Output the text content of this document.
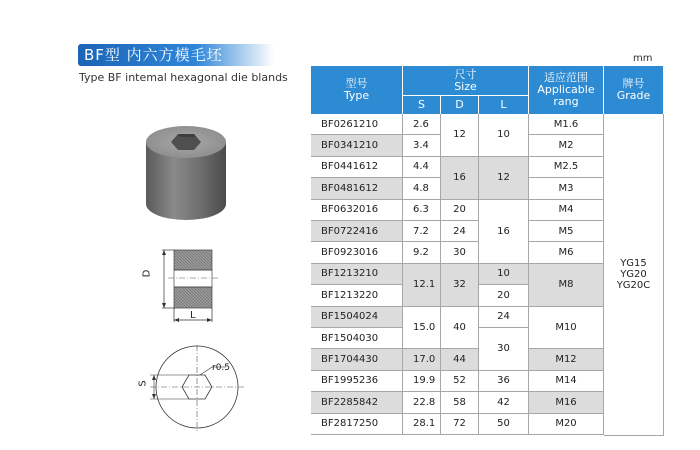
BF型 内六方模毛坯
Type BF intemal hexagonal die blands
mm
D
L
S
r0.5
型号
Type
尺寸
Size
S	D	L
适应范围
Applicable
rang
牌号
Grade
BF0261210
BF0341210
BF0441612
BF0481612
BF0632016
BF0722416
BF0923016
BF1213210
BF1213220
BF1504024
BF1504030
BF1704430
BF1995236
BF2285842
BF2817250
2.6
3.4
4.4
4.8
6.3
7.2
9.2
12.1
15.0
17.0
19.9
22.8
28.1
12
16
20
24
30
32
40
44
52
58
72
10
12
16
10
20
24
30
36
42
50
M1.6
M2
M2.5
M3
M4
M5
M6
M8
M10
M12
M14
M16
M20
YG15
YG20
YG20C
